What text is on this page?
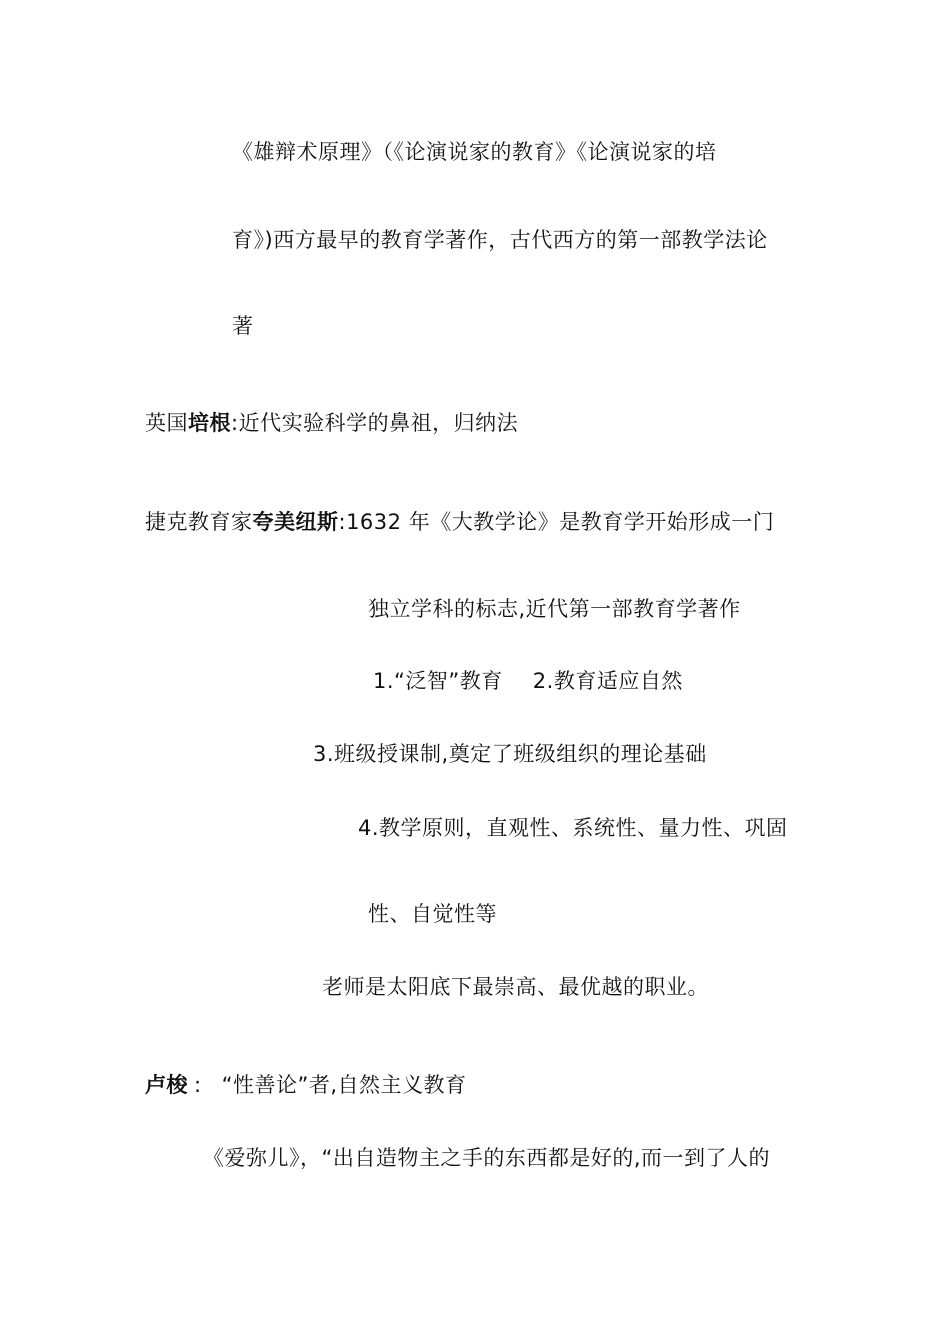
《雄辩术原理》（《论演说家的教育》《论演说家的培
育》)西方最早的教育学著作，古代西方的第一部教学法论
著
英国培根:近代实验科学的鼻祖，归纳法
捷克教育家夸美纽斯:1632 年《大教学论》是教育学开始形成一门
独立学科的标志,近代第一部教育学著作
1.“泛智”教育 2.教育适应自然
3.班级授课制,奠定了班级组织的理论基础
4.教学原则，直观性、系统性、量力性、巩固
性、自觉性等
老师是太阳底下最崇高、最优越的职业。
卢梭 : “性善论”者,自然主义教育
《爱弥儿》，“出自造物主之手的东西都是好的,而一到了人的
